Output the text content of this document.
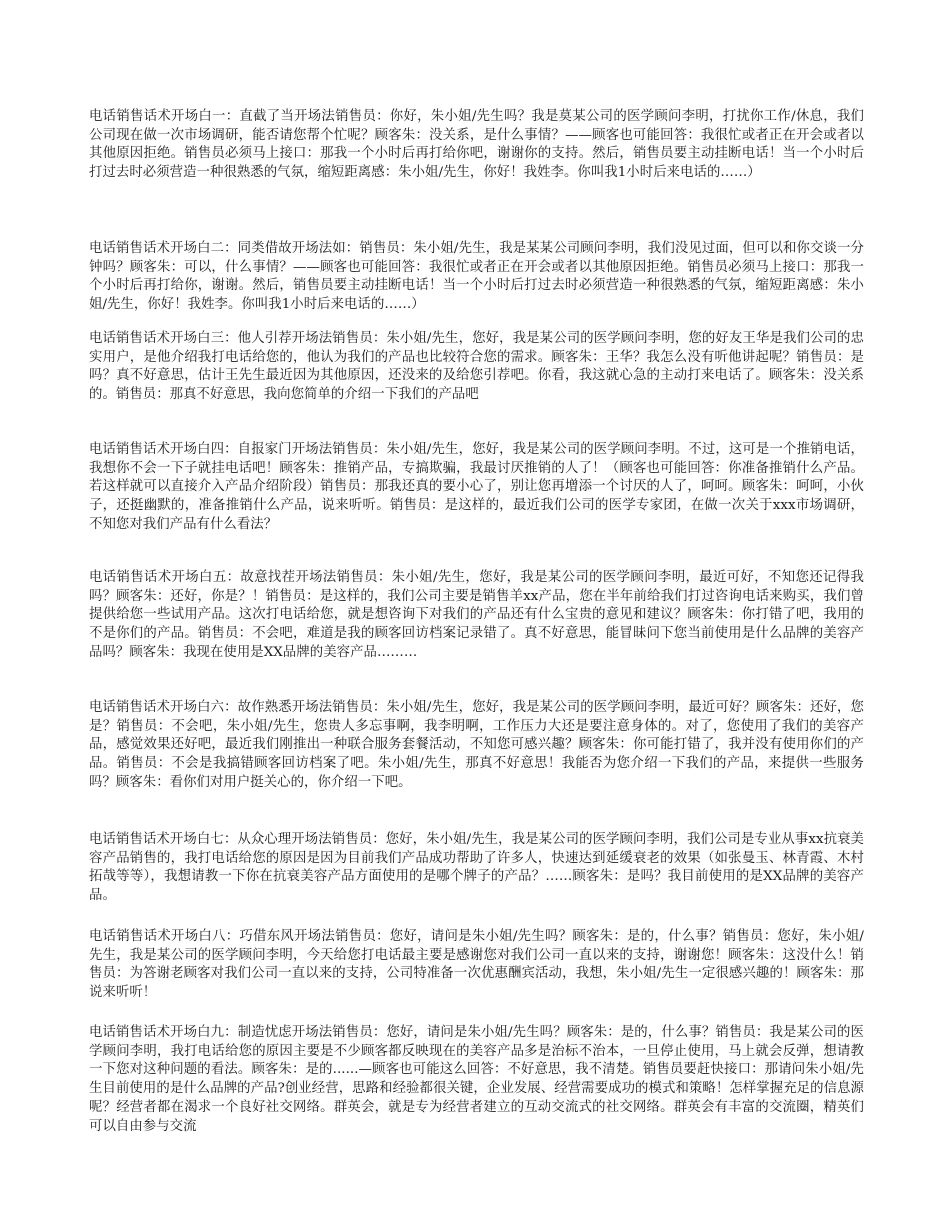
电话销售话术开场白一：直截了当开场法销售员：你好，朱小姐/先生吗？我是莫某公司的医学顾问李明，打扰你工作/休息，我们公司现在做一次市场调研，能否请您帮个忙呢？顾客朱：没关系，是什么事情？——顾客也可能回答：我很忙或者正在开会或者以其他原因拒绝。销售员必须马上接口：那我一个小时后再打给你吧，谢谢你的支持。然后，销售员要主动挂断电话！当一个小时后打过去时必须营造一种很熟悉的气氛，缩短距离感：朱小姐/先生，你好！我姓李。你叫我1小时后来电话的……）

电话销售话术开场白二：同类借故开场法如：销售员：朱小姐/先生，我是某某公司顾问李明，我们没见过面，但可以和你交谈一分钟吗？顾客朱：可以，什么事情？——顾客也可能回答：我很忙或者正在开会或者以其他原因拒绝。销售员必须马上接口：那我一个小时后再打给你，谢谢。然后，销售员要主动挂断电话！当一个小时后打过去时必须营造一种很熟悉的气氛，缩短距离感：朱小姐/先生，你好！我姓李。你叫我1小时后来电话的……）

电话销售话术开场白三：他人引荐开场法销售员：朱小姐/先生，您好，我是某公司的医学顾问李明，您的好友王华是我们公司的忠实用户，是他介绍我打电话给您的，他认为我们的产品也比较符合您的需求。顾客朱：王华？我怎么没有听他讲起呢？销售员：是吗？真不好意思，估计王先生最近因为其他原因，还没来的及给您引荐吧。你看，我这就心急的主动打来电话了。顾客朱：没关系的。销售员：那真不好意思，我向您简单的介绍一下我们的产品吧

电话销售话术开场白四：自报家门开场法销售员：朱小姐/先生，您好，我是某公司的医学顾问李明。不过，这可是一个推销电话，我想你不会一下子就挂电话吧！顾客朱：推销产品，专搞欺骗，我最讨厌推销的人了！（顾客也可能回答：你准备推销什么产品。若这样就可以直接介入产品介绍阶段）销售员：那我还真的要小心了，别让您再增添一个讨厌的人了，呵呵。顾客朱：呵呵，小伙子，还挺幽默的，准备推销什么产品，说来听听。销售员：是这样的，最近我们公司的医学专家团，在做一次关于xxx市场调研，不知您对我们产品有什么看法？

电话销售话术开场白五：故意找茬开场法销售员：朱小姐/先生，您好，我是某公司的医学顾问李明，最近可好，不知您还记得我吗？顾客朱：还好，你是？！销售员：是这样的，我们公司主要是销售羊xx产品，您在半年前给我们打过咨询电话来购买，我们曾提供给您一些试用产品。这次打电话给您，就是想咨询下对我们的产品还有什么宝贵的意见和建议？顾客朱：你打错了吧，我用的不是你们的产品。销售员：不会吧，难道是我的顾客回访档案记录错了。真不好意思，能冒昧问下您当前使用是什么品牌的美容产品吗？顾客朱：我现在使用是XX品牌的美容产品………

电话销售话术开场白六：故作熟悉开场法销售员：朱小姐/先生，您好，我是某公司的医学顾问李明，最近可好？顾客朱：还好，您是？销售员：不会吧，朱小姐/先生，您贵人多忘事啊，我李明啊，工作压力大还是要注意身体的。对了，您使用了我们的美容产品，感觉效果还好吧，最近我们刚推出一种联合服务套餐活动，不知您可感兴趣？顾客朱：你可能打错了，我并没有使用你们的产品。销售员：不会是我搞错顾客回访档案了吧。朱小姐/先生，那真不好意思！我能否为您介绍一下我们的产品，来提供一些服务吗？顾客朱：看你们对用户挺关心的，你介绍一下吧。

电话销售话术开场白七：从众心理开场法销售员：您好，朱小姐/先生，我是某公司的医学顾问李明，我们公司是专业从事xx抗衰美容产品销售的，我打电话给您的原因是因为目前我们产品成功帮助了许多人，快速达到延缓衰老的效果（如张曼玉、林青霞、木村拓哉等等），我想请教一下你在抗衰美容产品方面使用的是哪个牌子的产品？……顾客朱：是吗？我目前使用的是XX品牌的美容产品。

电话销售话术开场白八：巧借东风开场法销售员：您好，请问是朱小姐/先生吗？顾客朱：是的，什么事？销售员：您好，朱小姐/先生，我是某公司的医学顾问李明，今天给您打电话最主要是感谢您对我们公司一直以来的支持，谢谢您！顾客朱：这没什么！销售员：为答谢老顾客对我们公司一直以来的支持，公司特准备一次优惠酬宾活动，我想，朱小姐/先生一定很感兴趣的！顾客朱：那说来听听！

电话销售话术开场白九：制造忧虑开场法销售员：您好，请问是朱小姐/先生吗？顾客朱：是的，什么事？销售员：我是某公司的医学顾问李明，我打电话给您的原因主要是不少顾客都反映现在的美容产品多是治标不治本，一旦停止使用，马上就会反弹，想请教一下您对这种问题的看法。顾客朱：是的......—顾客也可能这么回答：不好意思，我不清楚。销售员要赶快接口：那请问朱小姐/先生目前使用的是什么品牌的产品?创业经营，思路和经验都很关键，企业发展、经营需要成功的模式和策略！怎样掌握充足的信息源呢？经营者都在渴求一个良好社交网络。群英会，就是专为经营者建立的互动交流式的社交网络。群英会有丰富的交流圈，精英们可以自由参与交流
